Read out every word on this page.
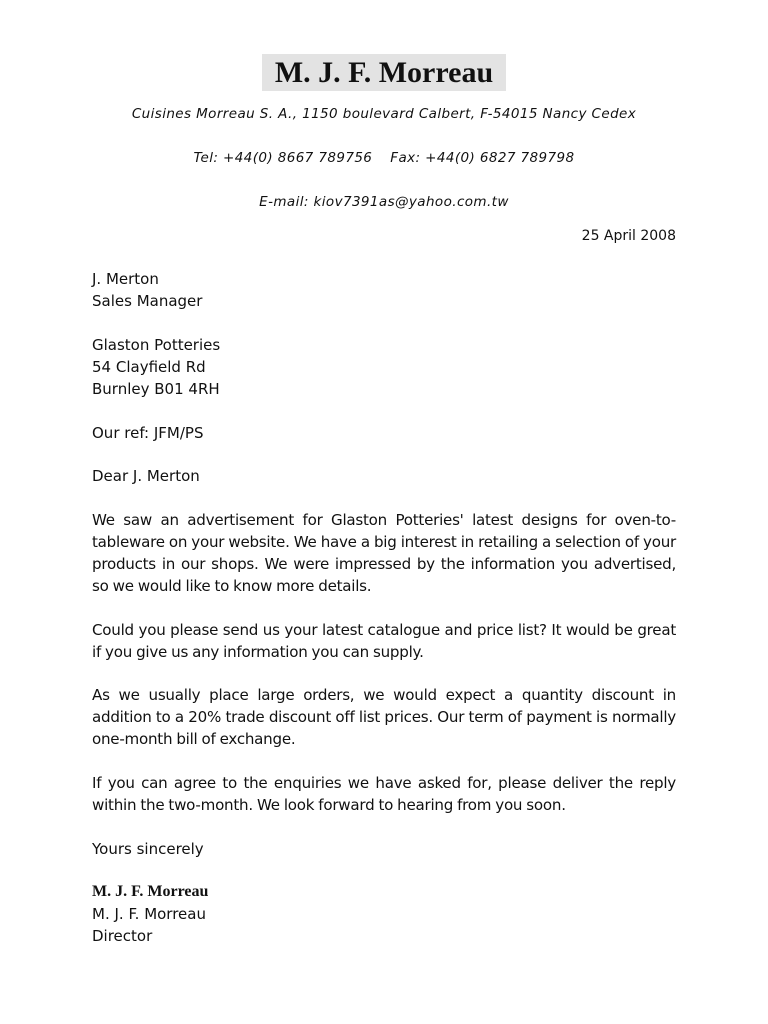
M. J. F. Morreau
Cuisines Morreau S. A., 1150 boulevard Calbert, F-54015 Nancy Cedex
Tel: +44(0) 8667 789756 Fax: +44(0) 6827 789798
E-mail: kiov7391as@yahoo.com.tw
25 April 2008
J. Merton
Sales Manager
Glaston Potteries
54 Clayfield Rd
Burnley B01 4RH
Our ref: JFM/PS
Dear J. Merton
We saw an advertisement for Glaston Potteries' latest designs for oven-to-tableware on your website. We have a big interest in retailing a selection of your products in our shops. We were impressed by the information you advertised, so we would like to know more details.
Could you please send us your latest catalogue and price list? It would be great if you give us any information you can supply.
As we usually place large orders, we would expect a quantity discount in addition to a 20% trade discount off list prices. Our term of payment is normally one-month bill of exchange.
If you can agree to the enquiries we have asked for, please deliver the reply within the two-month. We look forward to hearing from you soon.
Yours sincerely
M. J. F. Morreau
M. J. F. Morreau
Director
